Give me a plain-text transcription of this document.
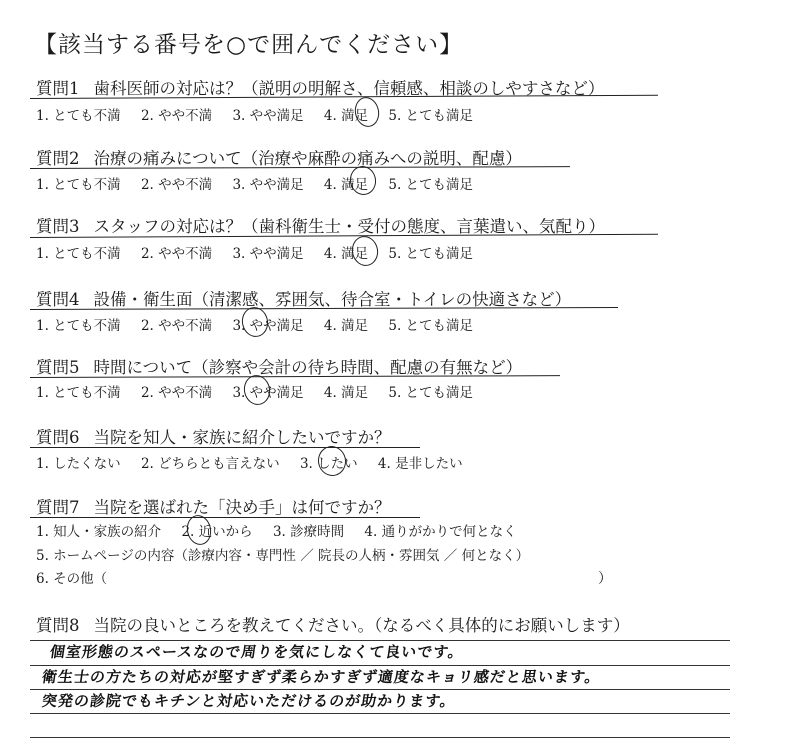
【該当する番号を○で囲んでください】
質問1 歯科医師の対応は？（説明の明解さ、信頼感、相談のしやすさなど）
1. とても不満 2. やや不満 3. やや満足 4. 満足 5. とても満足
質問2 治療の痛みについて（治療や麻酔の痛みへの説明、配慮）
1. とても不満 2. やや不満 3. やや満足 4. 満足 5. とても満足
質問3 スタッフの対応は？（歯科衛生士・受付の態度、言葉遣い、気配り）
1. とても不満 2. やや不満 3. やや満足 4. 満足 5. とても満足
質問4 設備・衛生面（清潔感、雰囲気、待合室・トイレの快適さなど）
1. とても不満 2. やや不満 3. やや満足 4. 満足 5. とても満足
質問5 時間について（診察や会計の待ち時間、配慮の有無など）
1. とても不満 2. やや不満 3. やや満足 4. 満足 5. とても満足
質問6 当院を知人・家族に紹介したいですか？
1. したくない 2. どちらとも言えない 3. したい 4. 是非したい
質問7 当院を選ばれた「決め手」は何ですか？
1. 知人・家族の紹介 2. 近いから 3. 診療時間 4. 通りがかりで何となく
5. ホームページの内容（診療内容・専門性 ／ 院長の人柄・雰囲気 ／ 何となく）
6. その他（	）
質問8 当院の良いところを教えてください。（なるべく具体的にお願いします）
個室形態のスペースなので周りを気にしなくて良いです。
衛生士の方たちの対応が堅すぎず柔らかすぎず適度なキョリ感だと思います。
突発の診院でもキチンと対応いただけるのが助かります。
